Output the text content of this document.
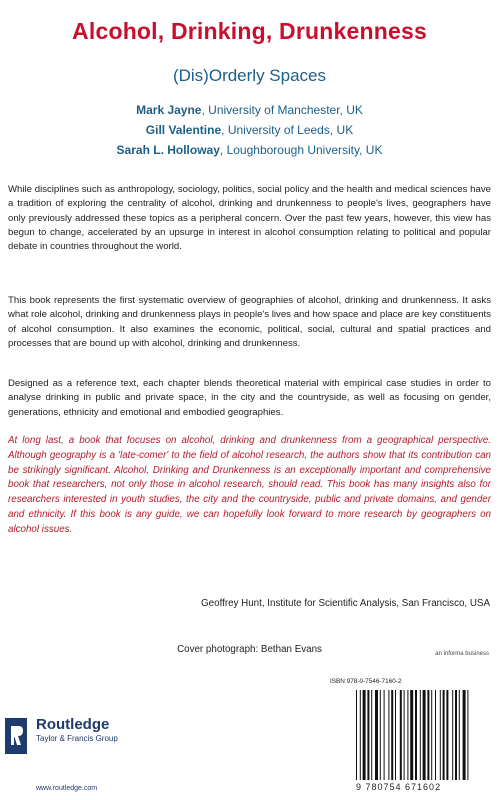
Alcohol, Drinking, Drunkenness
(Dis)Orderly Spaces
Mark Jayne, University of Manchester, UK
Gill Valentine, University of Leeds, UK
Sarah L. Holloway, Loughborough University, UK
While disciplines such as anthropology, sociology, politics, social policy and the health and medical sciences have a tradition of exploring the centrality of alcohol, drinking and drunkenness to people's lives, geographers have only previously addressed these topics as a peripheral concern. Over the past few years, however, this view has begun to change, accelerated by an upsurge in interest in alcohol consumption relating to political and popular debate in countries throughout the world.
This book represents the first systematic overview of geographies of alcohol, drinking and drunkenness. It asks what role alcohol, drinking and drunkenness plays in people's lives and how space and place are key constituents of alcohol consumption. It also examines the economic, political, social, cultural and spatial practices and processes that are bound up with alcohol, drinking and drunkenness.
Designed as a reference text, each chapter blends theoretical material with empirical case studies in order to analyse drinking in public and private space, in the city and the countryside, as well as focusing on gender, generations, ethnicity and emotional and embodied geographies.
At long last, a book that focuses on alcohol, drinking and drunkenness from a geographical perspective. Although geography is a 'late-comer' to the field of alcohol research, the authors show that its contribution can be strikingly significant. Alcohol, Drinking and Drunkenness is an exceptionally important and comprehensive book that researchers, not only those in alcohol research, should read. This book has many insights also for researchers interested in youth studies, the city and the countryside, public and private domains, and gender and ethnicity. If this book is any guide, we can hopefully look forward to more research by geographers on alcohol issues.
Geoffrey Hunt, Institute for Scientific Analysis, San Francisco, USA
Cover photograph: Bethan Evans
Routledge
Taylor & Francis Group
www.routledge.com
an informa business
ISBN 978-0-7546-7160-2
9 780754 671602
